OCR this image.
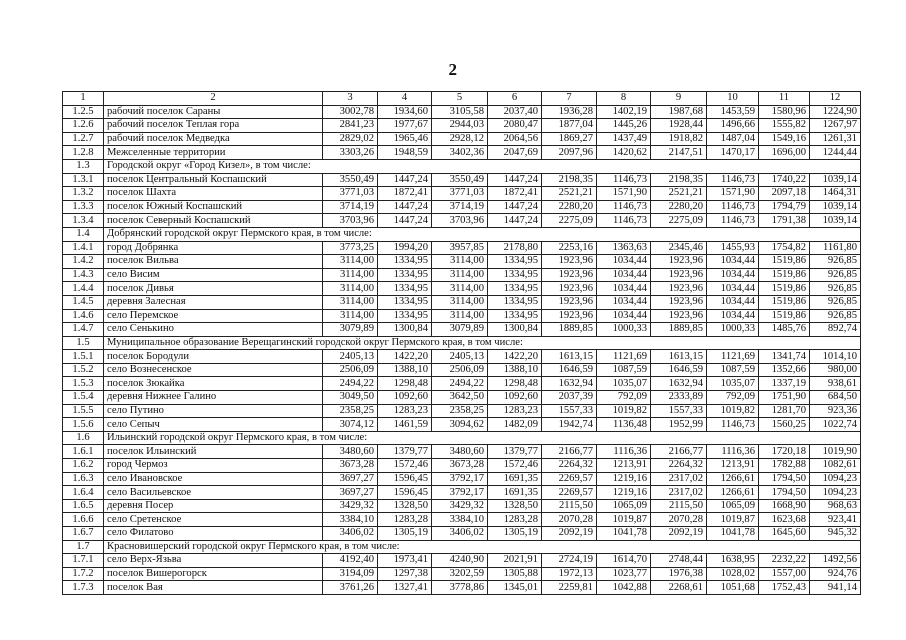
2
1	2	3	4	5	6	7	8	9	10	11	12
1.2.5	рабочий поселок Сараны	3002,78	1934,60	3105,58	2037,40	1936,28	1402,19	1987,68	1453,59	1580,96	1224,90
1.2.6	рабочий поселок Теплая гора	2841,23	1977,67	2944,03	2080,47	1877,04	1445,26	1928,44	1496,66	1555,82	1267,97
1.2.7	рабочий поселок Медведка	2829,02	1965,46	2928,12	2064,56	1869,27	1437,49	1918,82	1487,04	1549,16	1261,31
1.2.8	Межселенные территории	3303,26	1948,59	3402,36	2047,69	2097,96	1420,62	2147,51	1470,17	1696,00	1244,44
1.3	Городской округ «Город Кизел», в том числе:										
1.3.1	поселок Центральный Коспашский	3550,49	1447,24	3550,49	1447,24	2198,35	1146,73	2198,35	1146,73	1740,22	1039,14
1.3.2	поселок Шахта	3771,03	1872,41	3771,03	1872,41	2521,21	1571,90	2521,21	1571,90	2097,18	1464,31
1.3.3	поселок Южный Коспашский	3714,19	1447,24	3714,19	1447,24	2280,20	1146,73	2280,20	1146,73	1794,79	1039,14
1.3.4	поселок Северный Коспашский	3703,96	1447,24	3703,96	1447,24	2275,09	1146,73	2275,09	1146,73	1791,38	1039,14
1.4	Добрянский городской округ Пермского края, в том числе:										
1.4.1	город Добрянка	3773,25	1994,20	3957,85	2178,80	2253,16	1363,63	2345,46	1455,93	1754,82	1161,80
1.4.2	поселок Вильва	3114,00	1334,95	3114,00	1334,95	1923,96	1034,44	1923,96	1034,44	1519,86	926,85
1.4.3	село Висим	3114,00	1334,95	3114,00	1334,95	1923,96	1034,44	1923,96	1034,44	1519,86	926,85
1.4.4	поселок Дивья	3114,00	1334,95	3114,00	1334,95	1923,96	1034,44	1923,96	1034,44	1519,86	926,85
1.4.5	деревня Залесная	3114,00	1334,95	3114,00	1334,95	1923,96	1034,44	1923,96	1034,44	1519,86	926,85
1.4.6	село Перемское	3114,00	1334,95	3114,00	1334,95	1923,96	1034,44	1923,96	1034,44	1519,86	926,85
1.4.7	село Сенькино	3079,89	1300,84	3079,89	1300,84	1889,85	1000,33	1889,85	1000,33	1485,76	892,74
1.5	Муниципальное образование Верещагинский городской округ Пермского края, в том числе:										
1.5.1	поселок Бородули	2405,13	1422,20	2405,13	1422,20	1613,15	1121,69	1613,15	1121,69	1341,74	1014,10
1.5.2	село Вознесенское	2506,09	1388,10	2506,09	1388,10	1646,59	1087,59	1646,59	1087,59	1352,66	980,00
1.5.3	поселок Зюкайка	2494,22	1298,48	2494,22	1298,48	1632,94	1035,07	1632,94	1035,07	1337,19	938,61
1.5.4	деревня Нижнее Галино	3049,50	1092,60	3642,50	1092,60	2037,39	792,09	2333,89	792,09	1751,90	684,50
1.5.5	село Путино	2358,25	1283,23	2358,25	1283,23	1557,33	1019,82	1557,33	1019,82	1281,70	923,36
1.5.6	село Сепыч	3074,12	1461,59	3094,62	1482,09	1942,74	1136,48	1952,99	1146,73	1560,25	1022,74
1.6	Ильинский городской округ Пермского края, в том числе:										
1.6.1	поселок Ильинский	3480,60	1379,77	3480,60	1379,77	2166,77	1116,36	2166,77	1116,36	1720,18	1019,90
1.6.2	город Чермоз	3673,28	1572,46	3673,28	1572,46	2264,32	1213,91	2264,32	1213,91	1782,88	1082,61
1.6.3	село Ивановское	3697,27	1596,45	3792,17	1691,35	2269,57	1219,16	2317,02	1266,61	1794,50	1094,23
1.6.4	село Васильевское	3697,27	1596,45	3792,17	1691,35	2269,57	1219,16	2317,02	1266,61	1794,50	1094,23
1.6.5	деревня Посер	3429,32	1328,50	3429,32	1328,50	2115,50	1065,09	2115,50	1065,09	1668,90	968,63
1.6.6	село Сретенское	3384,10	1283,28	3384,10	1283,28	2070,28	1019,87	2070,28	1019,87	1623,68	923,41
1.6.7	село Филатово	3406,02	1305,19	3406,02	1305,19	2092,19	1041,78	2092,19	1041,78	1645,60	945,32
1.7	Красновишерский городской округ Пермского края, в том числе:										
1.7.1	село Верх-Язьва	4192,40	1973,41	4240,90	2021,91	2724,19	1614,70	2748,44	1638,95	2232,22	1492,56
1.7.2	поселок Вишерогорск	3194,09	1297,38	3202,59	1305,88	1972,13	1023,77	1976,38	1028,02	1557,00	924,76
1.7.3	поселок Вая	3761,26	1327,41	3778,86	1345,01	2259,81	1042,88	2268,61	1051,68	1752,43	941,14
